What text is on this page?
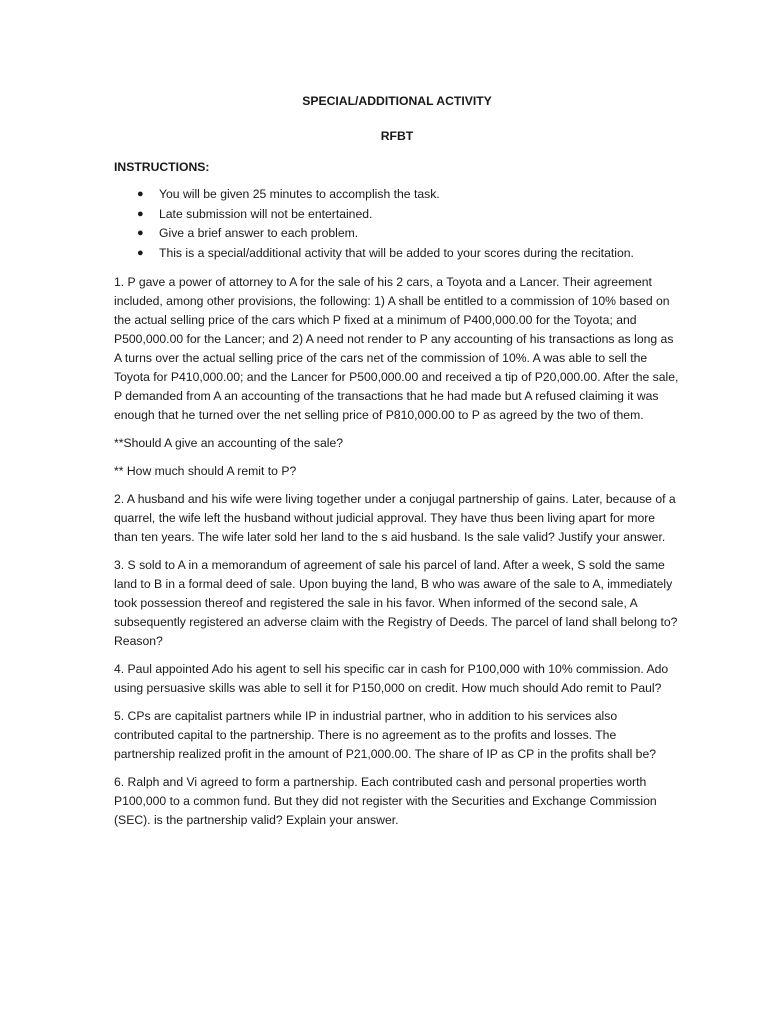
SPECIAL/ADDITIONAL ACTIVITY
RFBT
INSTRUCTIONS:
● You will be given 25 minutes to accomplish the task.
● Late submission will not be entertained.
● Give a brief answer to each problem.
● This is a special/additional activity that will be added to your scores during the recitation.

1. P gave a power of attorney to A for the sale of his 2 cars, a Toyota and a Lancer. Their agreement included, among other provisions, the following: 1) A shall be entitled to a commission of 10% based on the actual selling price of the cars which P fixed at a minimum of P400,000.00 for the Toyota; and P500,000.00 for the Lancer; and 2) A need not render to P any accounting of his transactions as long as A turns over the actual selling price of the cars net of the commission of 10%. A was able to sell the Toyota for P410,000.00; and the Lancer for P500,000.00 and received a tip of P20,000.00. After the sale, P demanded from A an accounting of the transactions that he had made but A refused claiming it was enough that he turned over the net selling price of P810,000.00 to P as agreed by the two of them.

**Should A give an accounting of the sale?

** How much should A remit to P?

2. A husband and his wife were living together under a conjugal partnership of gains. Later, because of a quarrel, the wife left the husband without judicial approval. They have thus been living apart for more than ten years. The wife later sold her land to the s aid husband. Is the sale valid? Justify your answer.

3. S sold to A in a memorandum of agreement of sale his parcel of land. After a week, S sold the same land to B in a formal deed of sale. Upon buying the land, B who was aware of the sale to A, immediately took possession thereof and registered the sale in his favor. When informed of the second sale, A subsequently registered an adverse claim with the Registry of Deeds. The parcel of land shall belong to? Reason?

4. Paul appointed Ado his agent to sell his specific car in cash for P100,000 with 10% commission. Ado using persuasive skills was able to sell it for P150,000 on credit. How much should Ado remit to Paul?

5. CPs are capitalist partners while IP in industrial partner, who in addition to his services also contributed capital to the partnership. There is no agreement as to the profits and losses. The partnership realized profit in the amount of P21,000.00. The share of IP as CP in the profits shall be?

6. Ralph and Vi agreed to form a partnership. Each contributed cash and personal properties worth P100,000 to a common fund. But they did not register with the Securities and Exchange Commission (SEC). is the partnership valid? Explain your answer.
